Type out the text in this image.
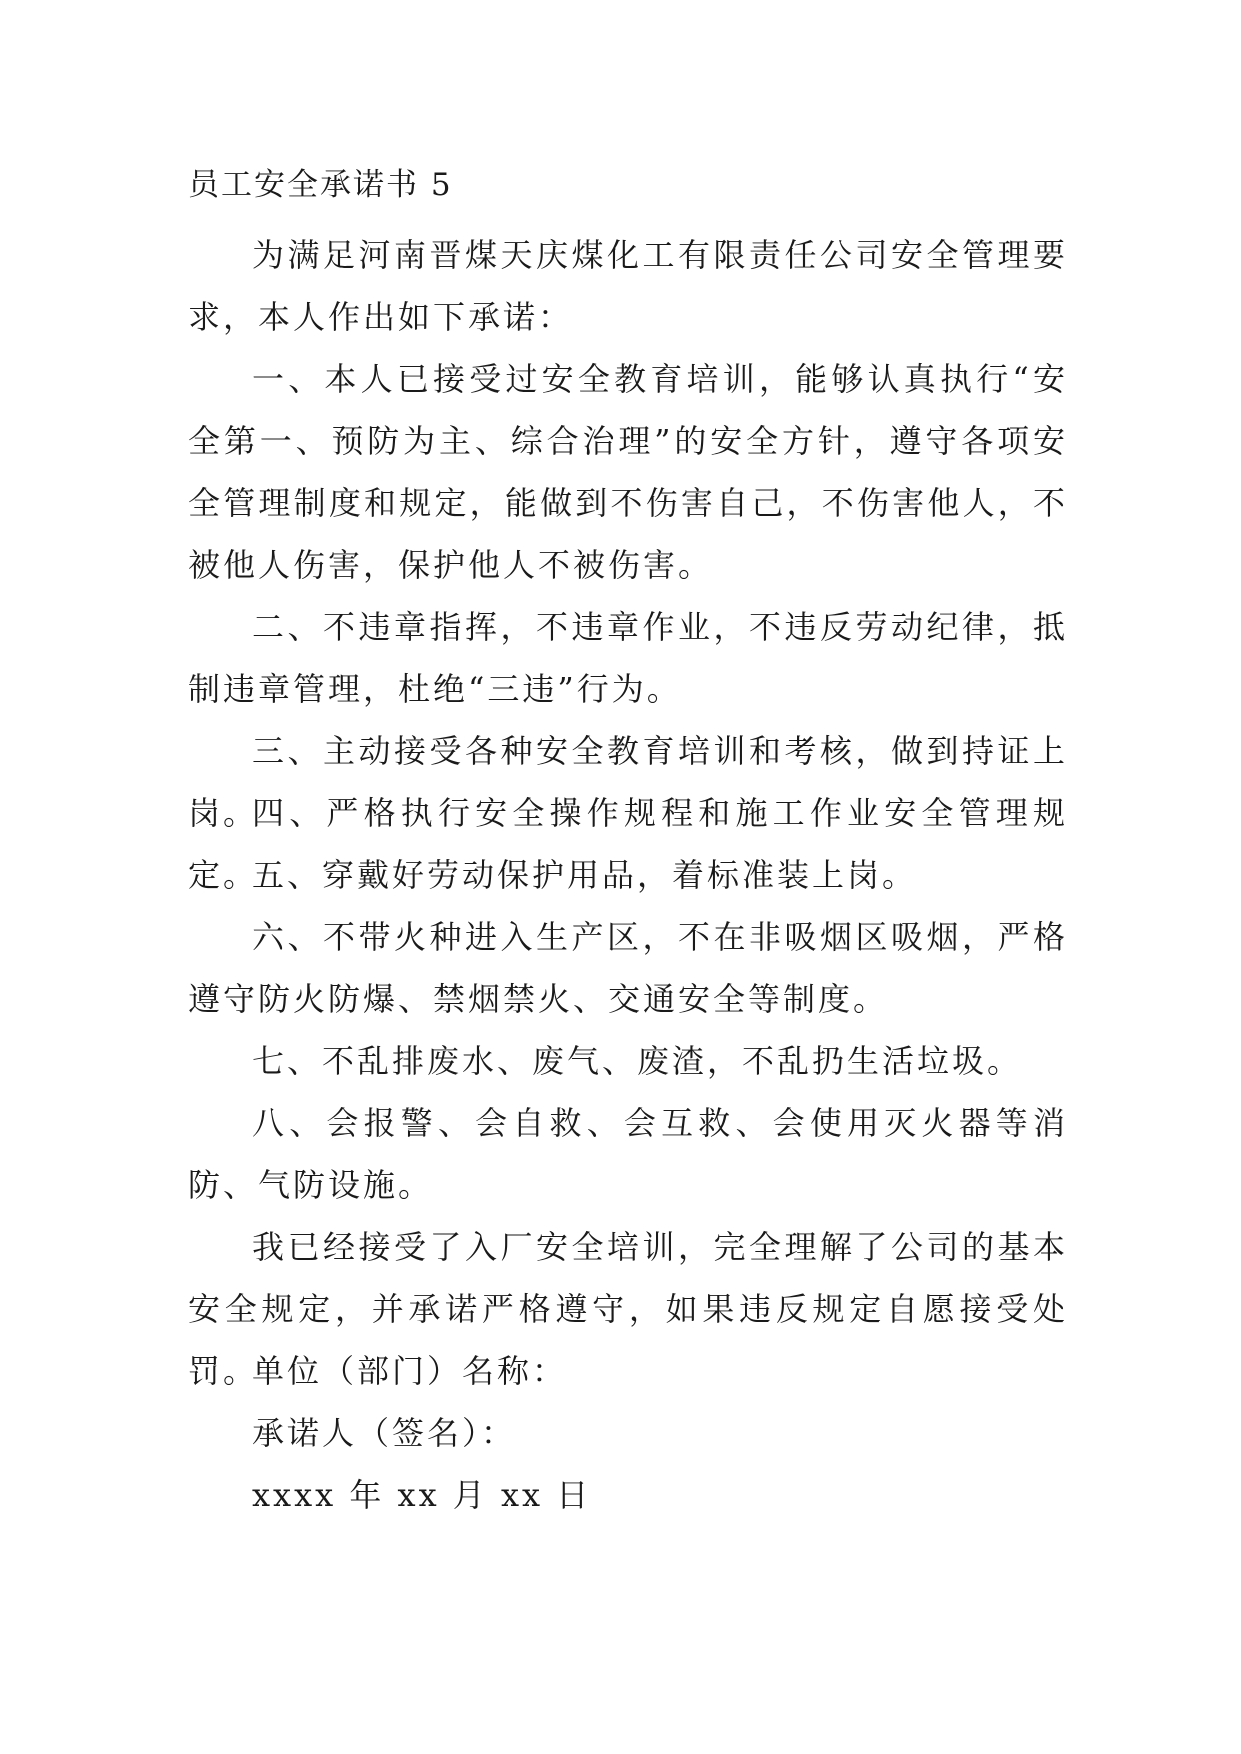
员工安全承诺书 5
为满足河南晋煤天庆煤化工有限责任公司安全管理要求，本人作出如下承诺：
一、本人已接受过安全教育培训，能够认真执行“安全第一、预防为主、综合治理”的安全方针，遵守各项安全管理制度和规定，能做到不伤害自己，不伤害他人，不被他人伤害，保护他人不被伤害。
二、不违章指挥，不违章作业，不违反劳动纪律，抵制违章管理，杜绝“三违”行为。
三、主动接受各种安全教育培训和考核，做到持证上岗。
四、严格执行安全操作规程和施工作业安全管理规定。
五、穿戴好劳动保护用品，着标准装上岗。
六、不带火种进入生产区，不在非吸烟区吸烟，严格遵守防火防爆、禁烟禁火、交通安全等制度。
七、不乱排废水、废气、废渣，不乱扔生活垃圾。
八、会报警、会自救、会互救、会使用灭火器等消防、气防设施。
我已经接受了入厂安全培训，完全理解了公司的基本安全规定，并承诺严格遵守，如果违反规定自愿接受处罚。
单位（部门）名称：
承诺人（签名）：
xxxx 年 xx 月 xx 日
